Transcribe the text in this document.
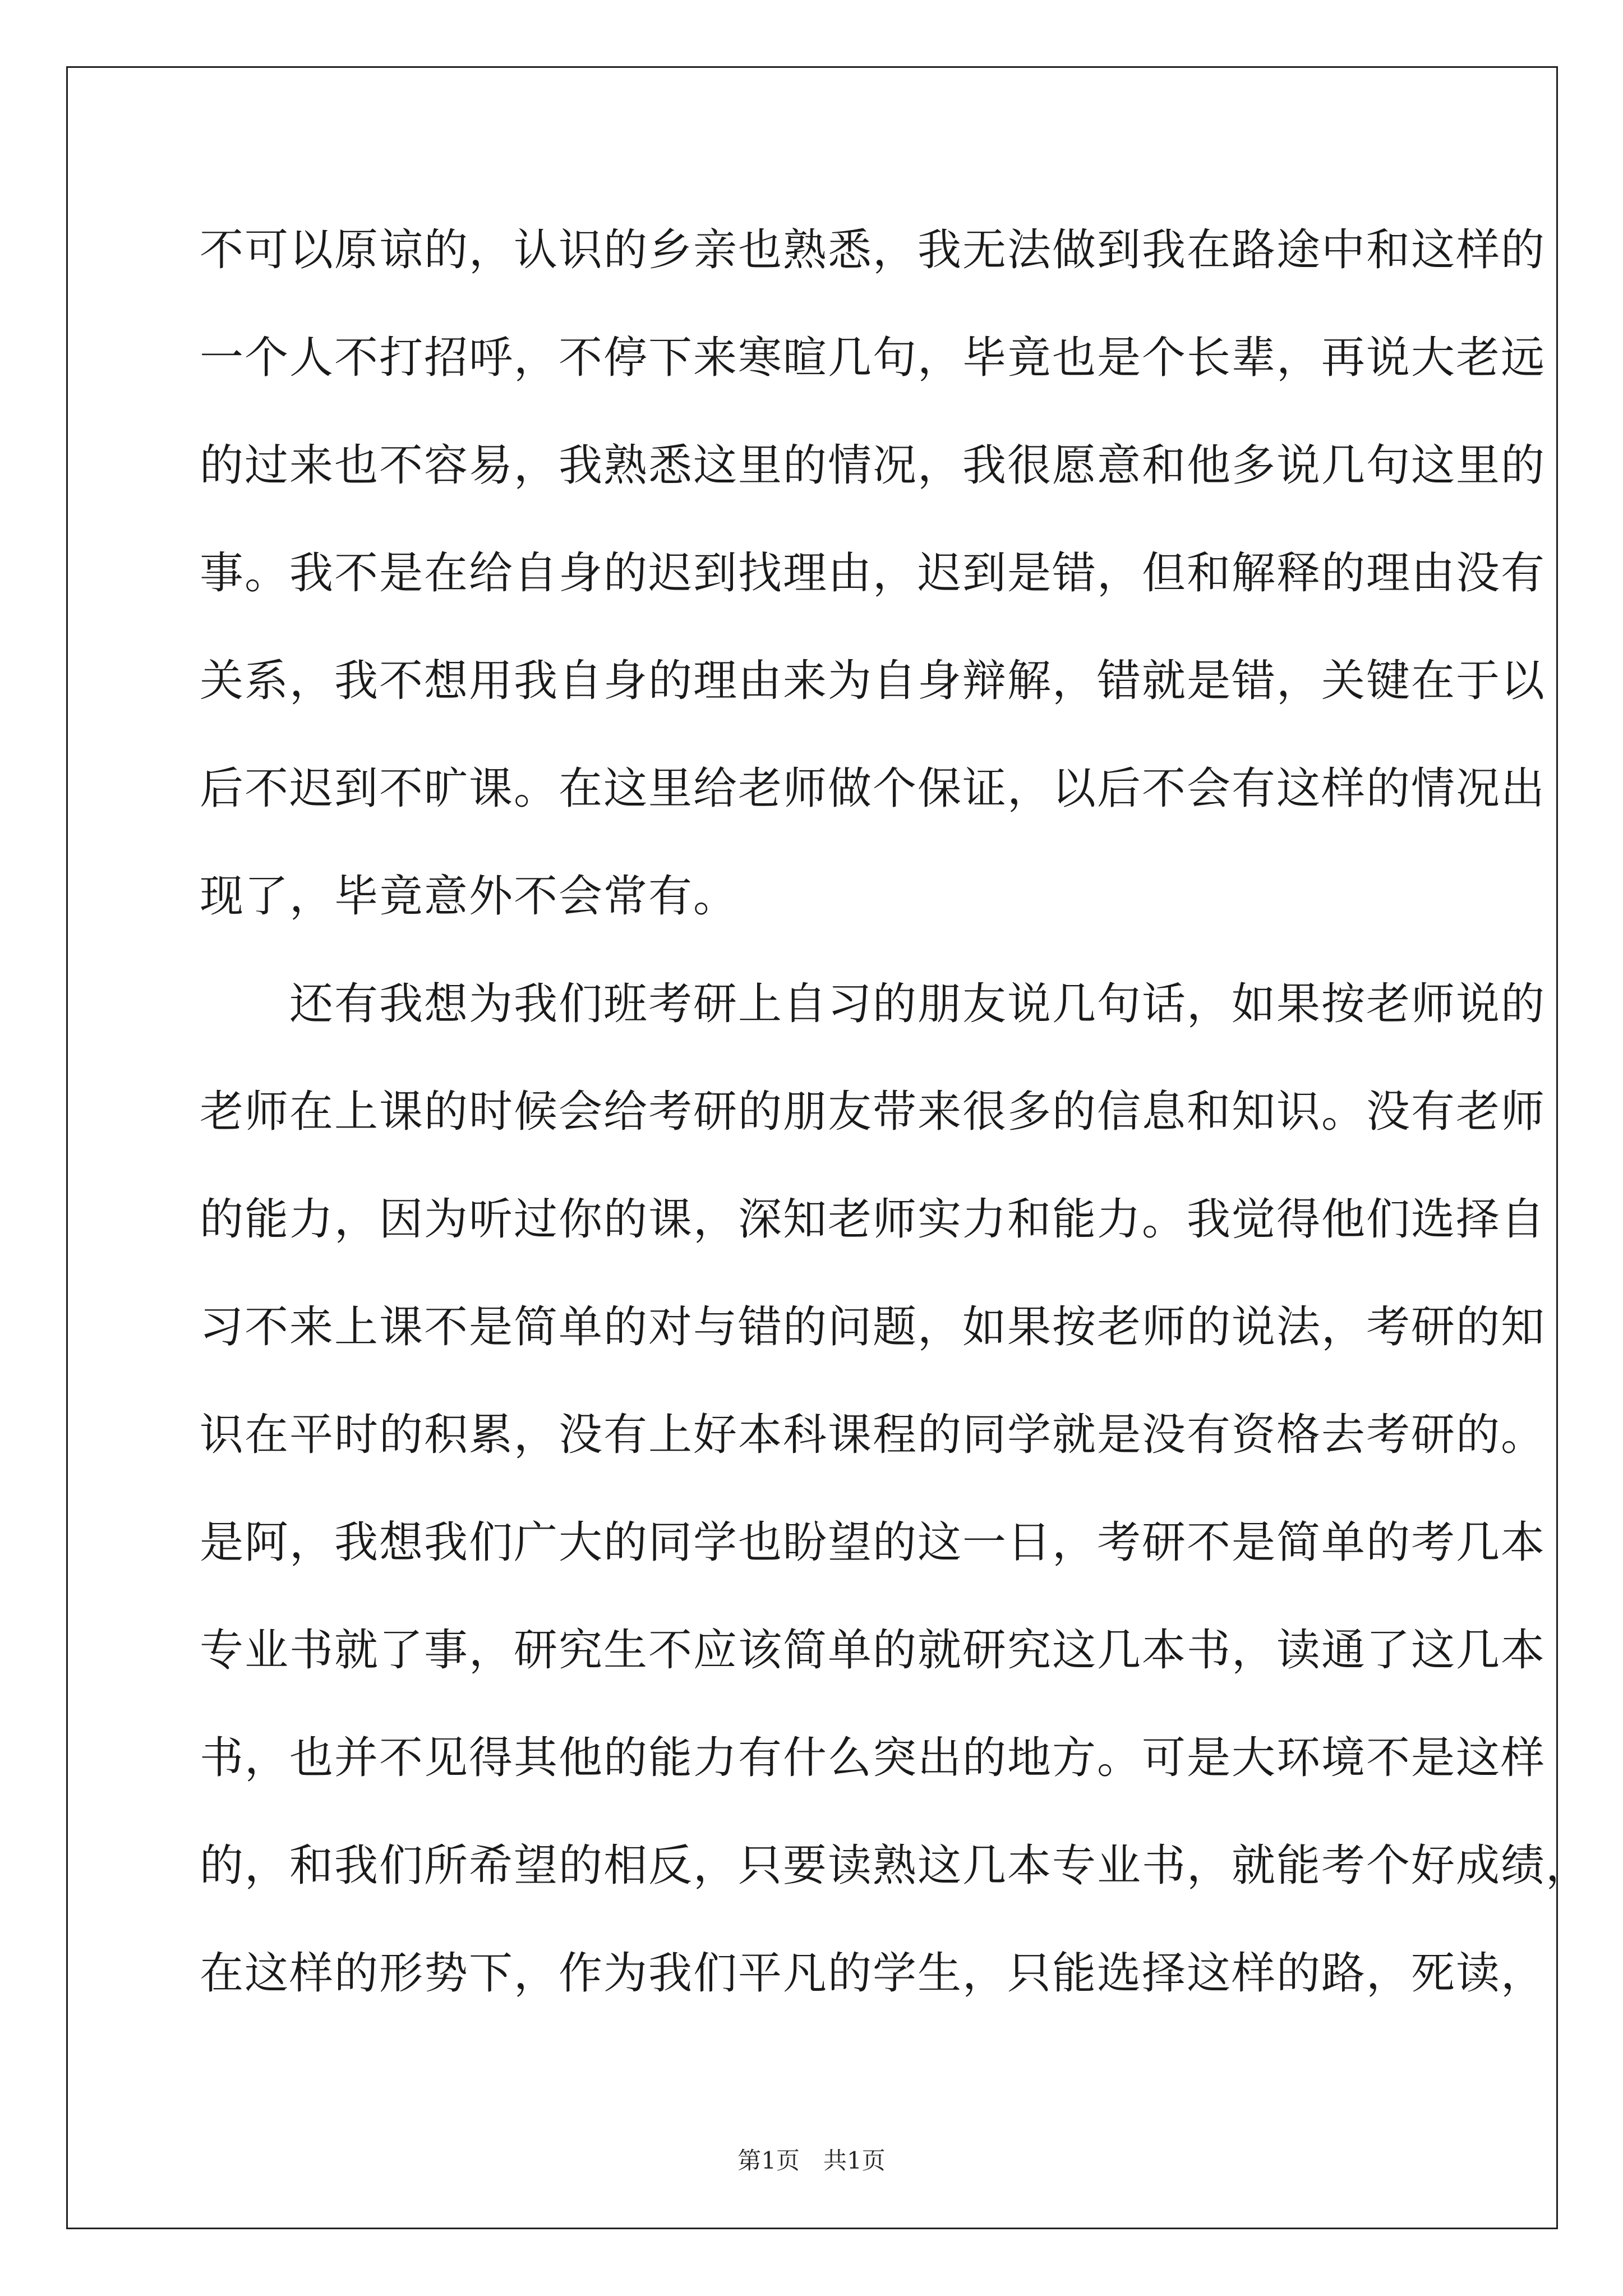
不可以原谅的，认识的乡亲也熟悉，我无法做到我在路途中和这样的
一个人不打招呼，不停下来寒暄几句，毕竟也是个长辈，再说大老远
的过来也不容易，我熟悉这里的情况，我很愿意和他多说几句这里的
事。我不是在给自身的迟到找理由，迟到是错，但和解释的理由没有
关系，我不想用我自身的理由来为自身辩解，错就是错，关键在于以
后不迟到不旷课。在这里给老师做个保证，以后不会有这样的情况出
现了，毕竟意外不会常有。
　　还有我想为我们班考研上自习的朋友说几句话，如果按老师说的
老师在上课的时候会给考研的朋友带来很多的信息和知识。没有老师
的能力，因为听过你的课，深知老师实力和能力。我觉得他们选择自
习不来上课不是简单的对与错的问题，如果按老师的说法，考研的知
识在平时的积累，没有上好本科课程的同学就是没有资格去考研的。
是阿，我想我们广大的同学也盼望的这一日，考研不是简单的考几本
专业书就了事，研究生不应该简单的就研究这几本书，读通了这几本
书，也并不见得其他的能力有什么突出的地方。可是大环境不是这样
的，和我们所希望的相反，只要读熟这几本专业书，就能考个好成绩，
在这样的形势下，作为我们平凡的学生，只能选择这样的路，死读，
第1页　共1页
